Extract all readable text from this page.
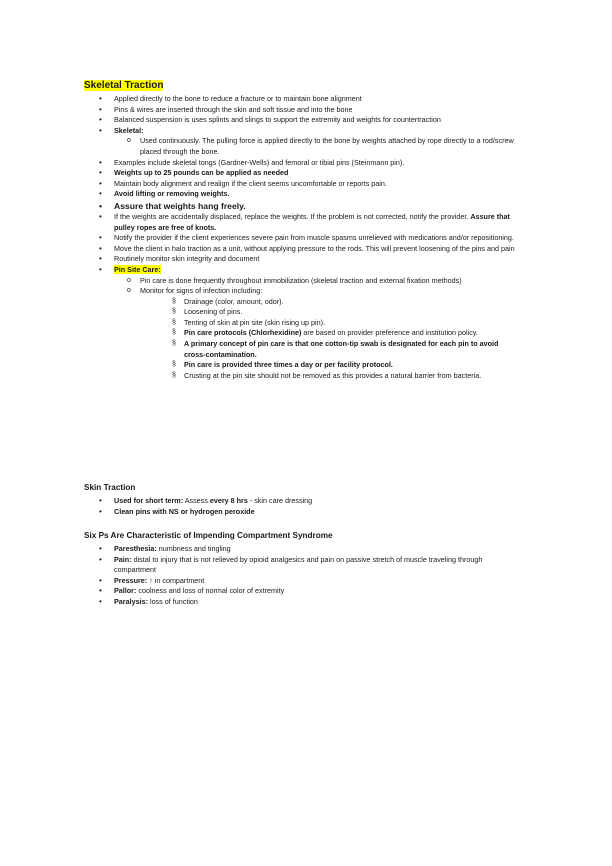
Skeletal Traction
• Applied directly to the bone to reduce a fracture or to maintain bone alignment
• Pins & wires are inserted through the skin and soft tissue and into the bone
• Balanced suspension is uses splints and slings to support the extremity and weights for countertraction
• Skeletal:
o Used continuously. The pulling force is applied directly to the bone by weights attached by rope directly to a rod/screw placed through the bone.
• Examples include skeletal tongs (Gardner-Wells) and femoral or tibial pins (Steinmann pin).
• Weights up to 25 pounds can be applied as needed
• Maintain body alignment and realign if the client seems uncomfortable or reports pain.
• Avoid lifting or removing weights.
• Assure that weights hang freely.
• If the weights are accidentally displaced, replace the weights. If the problem is not corrected, notify the provider. Assure that pulley ropes are free of knots.
• Notify the provider if the client experiences severe pain from muscle spasms unrelieved with medications and/or repositioning.
• Move the client in halo traction as a unit, without applying pressure to the rods. This will prevent loosening of the pins and pain
• Routinely monitor skin integrity and document
• Pin Site Care:
o Pin care is done frequently throughout immobilization (skeletal traction and external fixation methods)
o Monitor for signs of infection including:
§ Drainage (color, amount, odor).
§ Loosening of pins.
§ Tenting of skin at pin site (skin rising up pin).
§ Pin care protocols (Chlorhexidine) are based on provider preference and institution policy.
§ A primary concept of pin care is that one cotton-tip swab is designated for each pin to avoid cross-contamination.
§ Pin care is provided three times a day or per facility protocol.
§ Crusting at the pin site should not be removed as this provides a natural barrier from bacteria.
Skin Traction
• Used for short term: Assess every 8 hrs - skin care dressing
• Clean pins with NS or hydrogen peroxide
Six Ps Are Characteristic of Impending Compartment Syndrome
• Paresthesia: numbness and tingling
• Pain: distal to injury that is not relieved by opioid analgesics and pain on passive stretch of muscle traveling through compartment
• Pressure: ↑ in compartment
• Pallor: coolness and loss of normal color of extremity
• Paralysis: loss of function
